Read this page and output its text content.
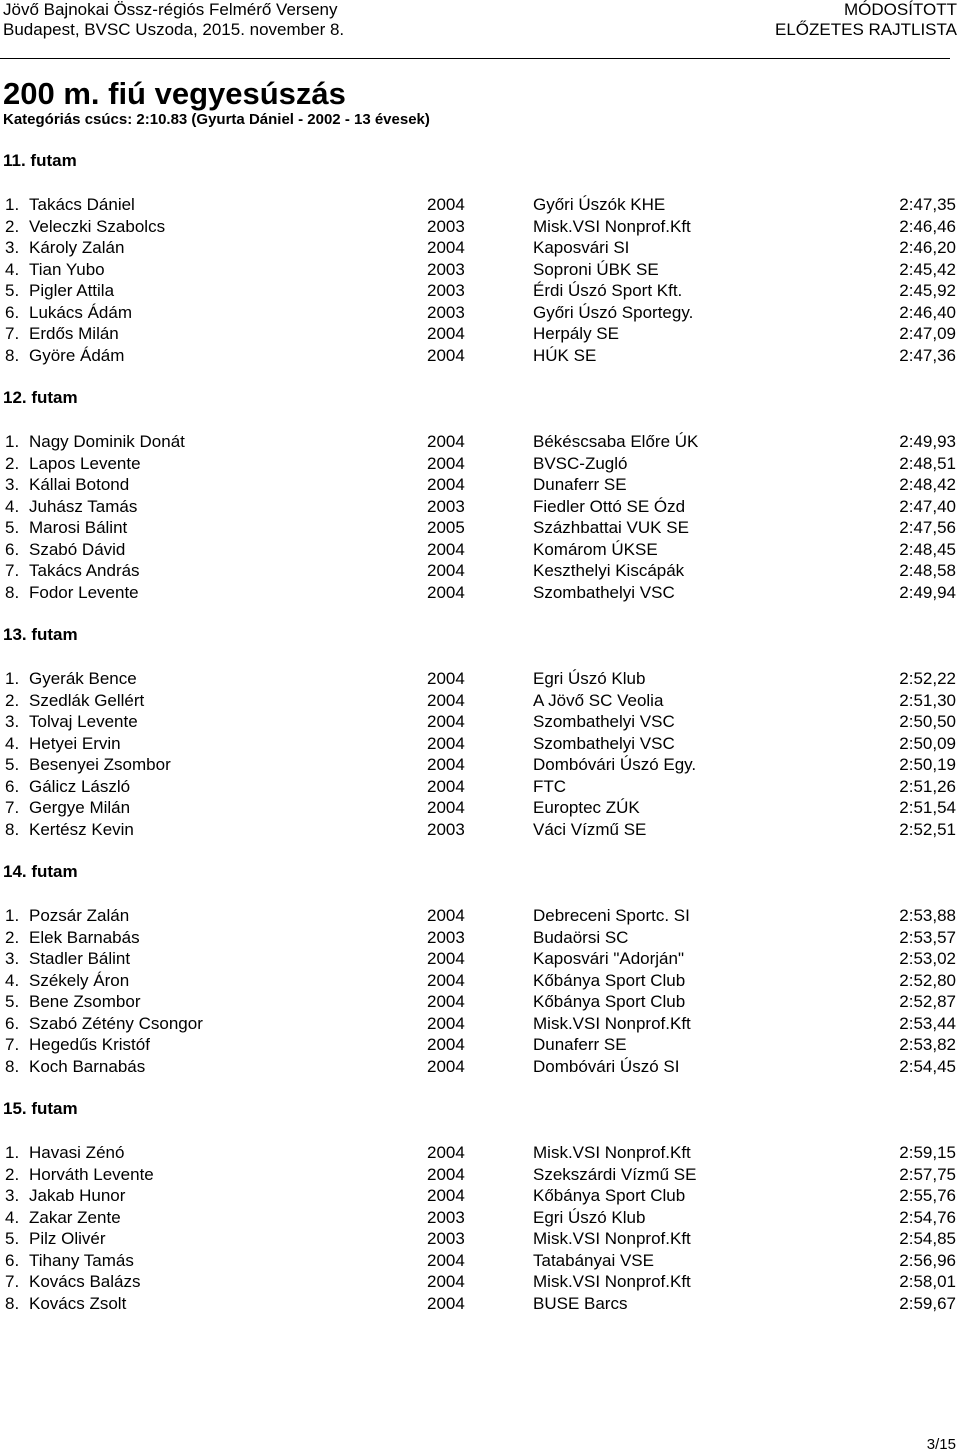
Jövő Bajnokai Össz-régiós Felmérő Verseny
Budapest, BVSC Uszoda, 2015. november 8.
MÓDOSÍTOTT
ELŐZETES RAJTLISTA
200 m. fiú vegyesúszás
Kategóriás csúcs: 2:10.83 (Gyurta Dániel - 2002 - 13 évesek)
11. futam
1. Takács Dániel	2004	Győri Úszók KHE	2:47,35
2. Veleczki Szabolcs	2003	Misk.VSI Nonprof.Kft	2:46,46
3. Károly Zalán	2004	Kaposvári SI	2:46,20
4. Tian Yubo	2003	Soproni ÚBK SE	2:45,42
5. Pigler Attila	2003	Érdi Úszó Sport Kft.	2:45,92
6. Lukács Ádám	2003	Győri Úszó Sportegy.	2:46,40
7. Erdős Milán	2004	Herpály SE	2:47,09
8. Györe Ádám	2004	HÚK SE	2:47,36
12. futam
1. Nagy Dominik Donát	2004	Békéscsaba Előre ÚK	2:49,93
2. Lapos Levente	2004	BVSC-Zugló	2:48,51
3. Kállai Botond	2004	Dunaferr SE	2:48,42
4. Juhász Tamás	2003	Fiedler Ottó SE Ózd	2:47,40
5. Marosi Bálint	2005	Százhbattai VUK SE	2:47,56
6. Szabó Dávid	2004	Komárom ÚKSE	2:48,45
7. Takács András	2004	Keszthelyi Kiscápák	2:48,58
8. Fodor Levente	2004	Szombathelyi VSC	2:49,94
13. futam
1. Gyerák Bence	2004	Egri Úszó Klub	2:52,22
2. Szedlák Gellért	2004	A Jövő SC Veolia	2:51,30
3. Tolvaj Levente	2004	Szombathelyi VSC	2:50,50
4. Hetyei Ervin	2004	Szombathelyi VSC	2:50,09
5. Besenyei Zsombor	2004	Dombóvári Úszó Egy.	2:50,19
6. Gálicz László	2004	FTC	2:51,26
7. Gergye Milán	2004	Europtec ZÚK	2:51,54
8. Kertész Kevin	2003	Váci Vízmű SE	2:52,51
14. futam
1. Pozsár Zalán	2004	Debreceni Sportc. SI	2:53,88
2. Elek Barnabás	2003	Budaörsi SC	2:53,57
3. Stadler Bálint	2004	Kaposvári "Adorján"	2:53,02
4. Székely Áron	2004	Kőbánya Sport Club	2:52,80
5. Bene Zsombor	2004	Kőbánya Sport Club	2:52,87
6. Szabó Zétény Csongor	2004	Misk.VSI Nonprof.Kft	2:53,44
7. Hegedűs Kristóf	2004	Dunaferr SE	2:53,82
8. Koch Barnabás	2004	Dombóvári Úszó SI	2:54,45
15. futam
1. Havasi Zénó	2004	Misk.VSI Nonprof.Kft	2:59,15
2. Horváth Levente	2004	Szekszárdi Vízmű SE	2:57,75
3. Jakab Hunor	2004	Kőbánya Sport Club	2:55,76
4. Zakar Zente	2003	Egri Úszó Klub	2:54,76
5. Pilz Olivér	2003	Misk.VSI Nonprof.Kft	2:54,85
6. Tihany Tamás	2004	Tatabányai VSE	2:56,96
7. Kovács Balázs	2004	Misk.VSI Nonprof.Kft	2:58,01
8. Kovács Zsolt	2004	BUSE Barcs	2:59,67
3/15
